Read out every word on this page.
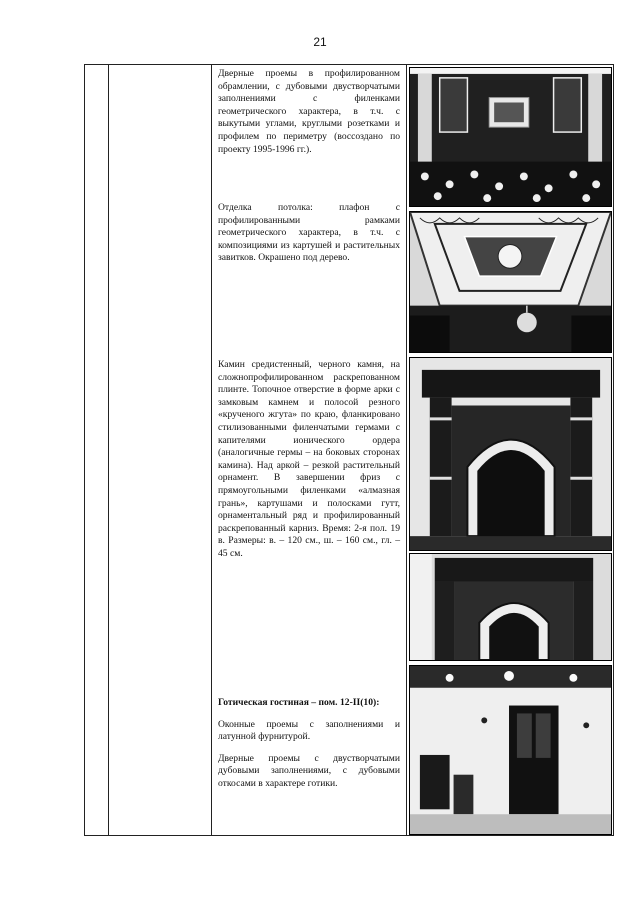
21

Дверные проемы в профилированном обрамлении, с дубовыми двустворчатыми заполнениями с филенками геометрического характера, в т.ч. с выкутыми углами, круглыми розетками и профилем по периметру (воссоздано по проекту 1995-1996 гг.).

Отделка потолка: плафон с профилированными рамками геометрического характера, в т.ч. с композициями из картушей и растительных завитков. Окрашено под дерево.

Камин средистенный, черного камня, на сложнопрофилированном раскрепованном плинте. Топочное отверстие в форме арки с замковым камнем и полосой резного «крученого жгута» по краю, фланкировано стилизованными филенчатыми гермами с капителями ионического ордера (аналогичные гермы – на боковых сторонах камина). Над аркой – резкой растительный орнамент. В завершении фриз с прямоугольными филенками «алмазная грань», картушами и полосками гутт, орнаментальный ряд и профилированный раскрепованный карниз. Время: 2-я пол. 19 в. Размеры: в. – 120 см., ш. – 160 см., гл. – 45 см.

Готическая гостиная – пом. 12-II(10):

Оконные проемы с заполнениями и латунной фурнитурой.

Дверные проемы с двустворчатыми дубовыми заполнениями, с дубовыми откосами в характере готики.
